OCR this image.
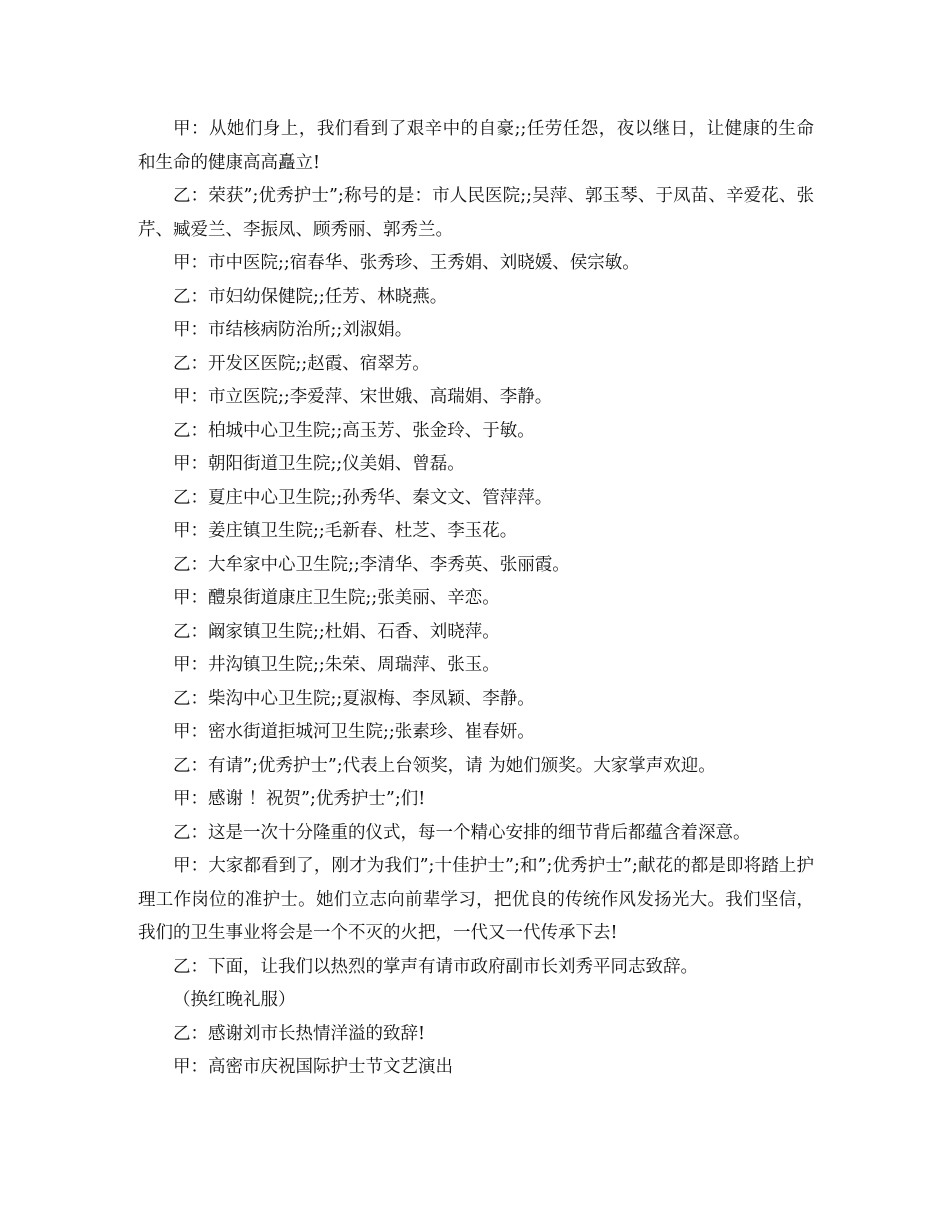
甲：从她们身上，我们看到了艰辛中的自豪;;任劳任怨，夜以继日，让健康的生命和生命的健康高高矗立!

乙：荣获”;优秀护士”;称号的是：市人民医院;;吴萍、郭玉琴、于凤苗、辛爱花、张芹、臧爱兰、李振凤、顾秀丽、郭秀兰。

甲：市中医院;;宿春华、张秀珍、王秀娟、刘晓媛、侯宗敏。

乙：市妇幼保健院;;任芳、林晓燕。

甲：市结核病防治所;;刘淑娟。

乙：开发区医院;;赵霞、宿翠芳。

甲：市立医院;;李爱萍、宋世娥、高瑞娟、李静。

乙：柏城中心卫生院;;高玉芳、张金玲、于敏。

甲：朝阳街道卫生院;;仪美娟、曾磊。

乙：夏庄中心卫生院;;孙秀华、秦文文、管萍萍。

甲：姜庄镇卫生院;;毛新春、杜芝、李玉花。

乙：大牟家中心卫生院;;李清华、李秀英、张丽霞。

甲：醴泉街道康庄卫生院;;张美丽、辛恋。

乙：阚家镇卫生院;;杜娟、石香、刘晓萍。

甲：井沟镇卫生院;;朱荣、周瑞萍、张玉。

乙：柴沟中心卫生院;;夏淑梅、李凤颖、李静。

甲：密水街道拒城河卫生院;;张素珍、崔春妍。

乙：有请”;优秀护士”;代表上台领奖，请 为她们颁奖。大家掌声欢迎。

甲：感谢 ！祝贺”;优秀护士”;们!

乙：这是一次十分隆重的仪式，每一个精心安排的细节背后都蕴含着深意。

甲：大家都看到了，刚才为我们”;十佳护士”;和”;优秀护士”;献花的都是即将踏上护理工作岗位的准护士。她们立志向前辈学习，把优良的传统作风发扬光大。我们坚信，我们的卫生事业将会是一个不灭的火把，一代又一代传承下去!

乙：下面，让我们以热烈的掌声有请市政府副市长刘秀平同志致辞。

（换红晚礼服）

乙：感谢刘市长热情洋溢的致辞!

甲：高密市庆祝国际护士节文艺演出
